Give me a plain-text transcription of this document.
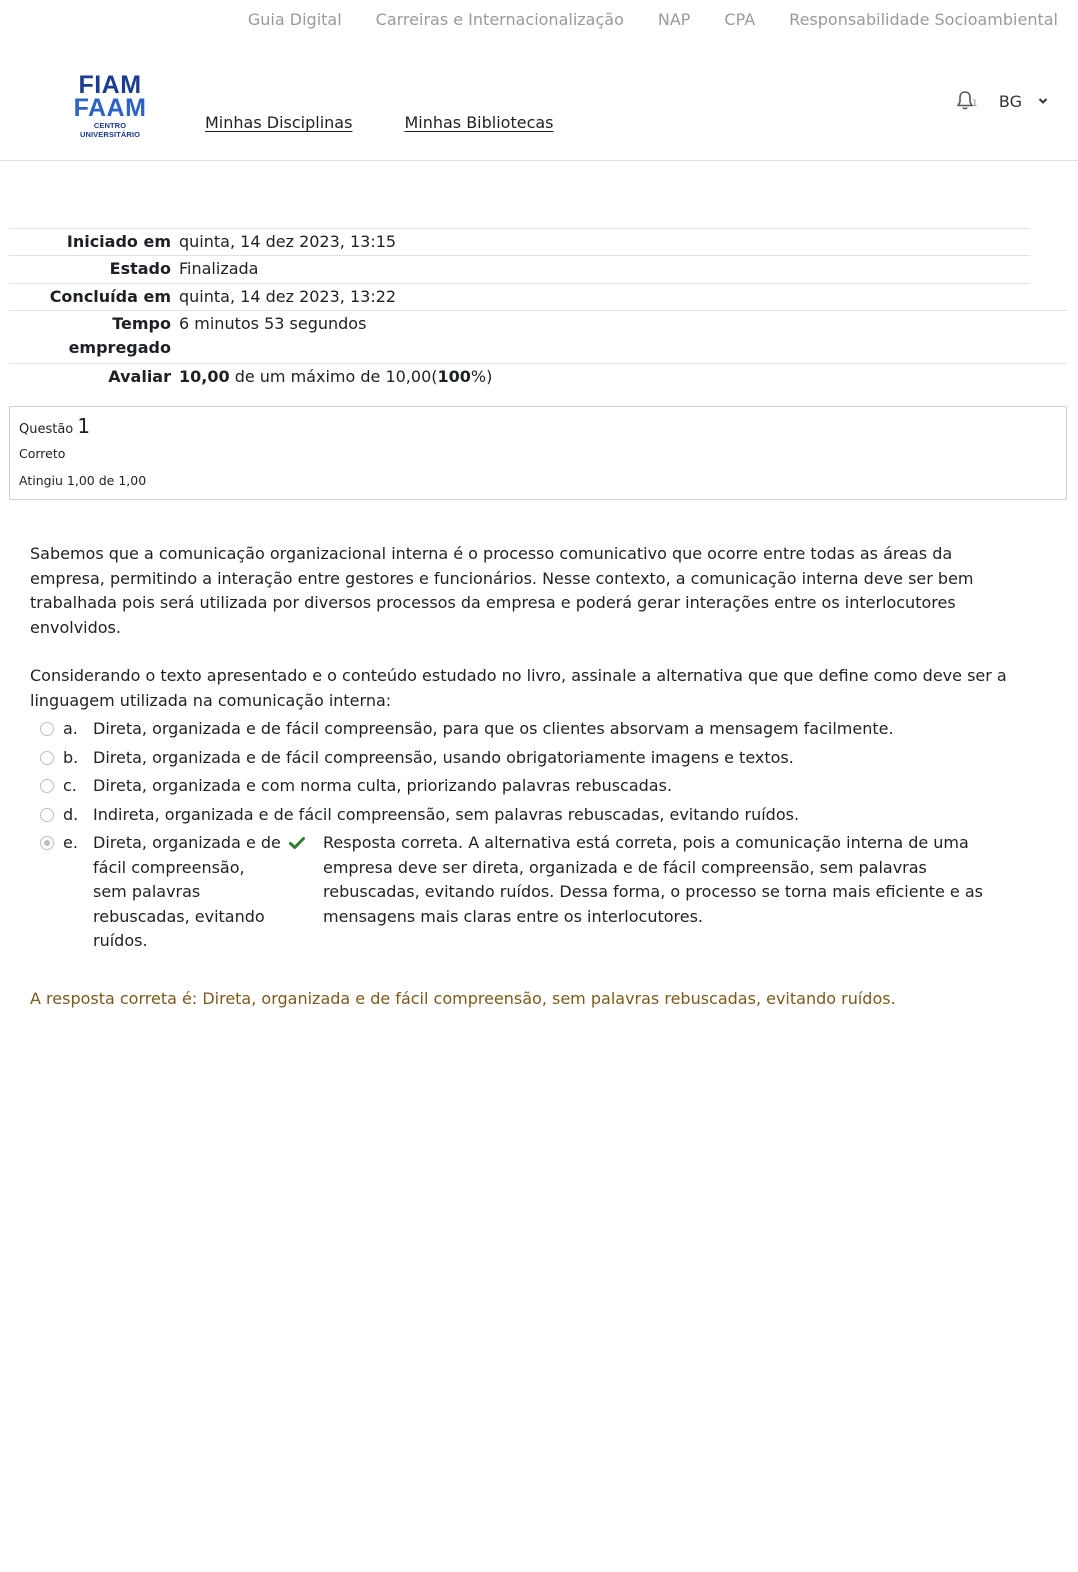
Guia Digital Carreiras e Internacionalização NAP CPA Responsabilidade Socioambiental
FIAM
FAAM
CENTRO UNIVERSITÁRIO
Minhas Disciplinas	Minhas Bibliotecas
1 BG
Iniciado em quinta, 14 dez 2023, 13:15
Estado Finalizada
Concluída em quinta, 14 dez 2023, 13:22
Tempo
empregado
6 minutos 53 segundos
Avaliar 10,00 de um máximo de 10,00(100%)
Questão 1
Correto
Atingiu 1,00 de 1,00

Sabemos que a comunicação organizacional interna é o processo comunicativo que ocorre entre todas as áreas da empresa, permitindo a interação entre gestores e funcionários. Nesse contexto, a comunicação interna deve ser bem trabalhada pois será utilizada por diversos processos da empresa e poderá gerar interações entre os interlocutores envolvidos.

Considerando o texto apresentado e o conteúdo estudado no livro, assinale a alternativa que que define como deve ser a linguagem utilizada na comunicação interna:

a. Direta, organizada e de fácil compreensão, para que os clientes absorvam a mensagem facilmente.
b. Direta, organizada e de fácil compreensão, usando obrigatoriamente imagens e textos.
c.	Direta, organizada e com norma culta, priorizando palavras rebuscadas.
d. Indireta, organizada e de fácil compreensão, sem palavras rebuscadas, evitando ruídos.
e. Direta, organizada e de fácil compreensão, sem palavras rebuscadas, evitando ruídos.
Resposta correta. A alternativa está correta, pois a comunicação interna de uma empresa deve ser direta, organizada e de fácil compreensão, sem palavras rebuscadas, evitando ruídos. Dessa forma, o processo se torna mais eficiente e as mensagens mais claras entre os interlocutores.
A resposta correta é: Direta, organizada e de fácil compreensão, sem palavras rebuscadas, evitando ruídos.
